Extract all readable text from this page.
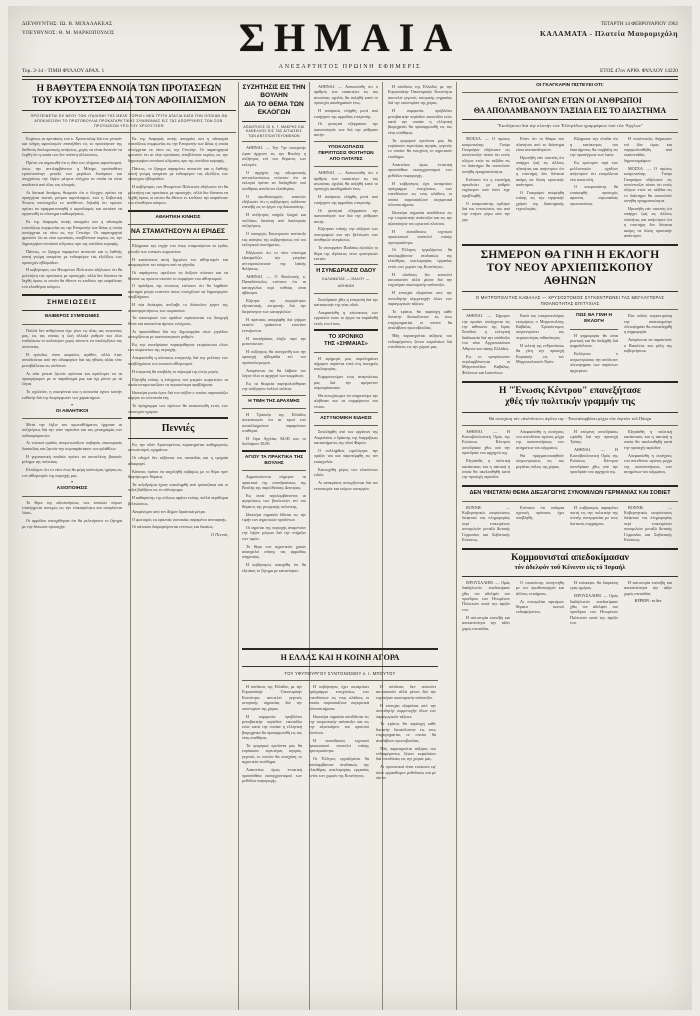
ΔΙΕΥΘΥΝΤΗΣ: ΙΩ. Β. ΜΙΧΑΛΑΚΕΑΣ
ΥΠΕΥΘΥΝΟΣ: Θ. Μ. ΜΑΡΚΟΠΟΥΛΟΣ	ΣΗΜΑΙΑ	ΤΕΤΑΡΤΗ 14 ΦΕΒΡΟΥΑΡΙΟΥ 1962
ΚΑΛΑΜΑΤΑ - Πλατεία Μαυρομιχάλη
ΑΝΕΞΑΡΤΗΤΟΣ ΠΡΩΙΝΗ ΕΦΗΜΕΡΙΣ
Τομ. 2-14 - ΤΙΜΗ ΦΥΛΛΟΥ ΔΡΑΧ. 1	ΕΤΟΣ 47ον ΑΡΙΘ. ΦΥΛΛΟΥ 14220
Η ΒΑΘΥΤΕΡΑ ΕΝΝΟΙΑ ΤΩΝ ΠΡΟΤΑΣΕΩΝ
ΤΟΥ ΚΡΟΥΣΤΣΕΦ ΔΙΑ ΤΟΝ ΑΦΟΠΛΙΣΜΟΝ
ΠΡΟΤΕΙΝΕΤΑΙ ΕΚ ΝΕΟΥ ΤΩΝ «ΓΑΛΗΝΗ ΤΗΣ ΜΕΛΕ ΤΟΡΗΣ» ΝΕΑ ΤΡΙΤΗ ΑΤΑΞΙΑ ΚΑΤΑ ΤΗΝ ΟΠΟΙΑΝ ΘΑ ΑΠΟΚΛΕΙΣΘΗ ΤΟ ΠΡΩΤΟΒΟΥΛΙΑ ΠΡΟΚΑΤΑΡΚΤΙΚΗΣ ΣΥΜΦΩΝΙΑΣ ΕΙΣ ΤΑΣ ΑΠΟΡΡΙΨΕΙΣ ΤΩΝ ΣΟΒ. ΠΡΟΤΑΣΕΩΝ ΥΠΟ ΤΟΥ ΧΡΟΥΣΤΣΕΦ

Εσχάτως αι προτάσεις του κ. Χρουστσώφ διά τον γενικόν και πλήρη αφοπλισμόν επανήλθον εις το προσκήνιον της διεθνούς διπλωματικής κινήσεως, χωρίς να είναι δυνατόν να λεχθή ότι η ουσία των δεν υπέστη αλλοιώσεις.

Πρέπει να σημειωθή ότι η ιδέα του πλήρους αφοπλισμού, όπως την αντιλαμβάνεται η Μόσχα, προϋποθέτει εμπιστοσύνην μεταξύ των μεγάλων δυνάμεων και συγχρόνως την λήψιν μέτρων ελέγχου τα οποία να είναι αποδεκτά από όλας τας πλευράς.

Αι δυτικαί δυνάμεις θεωρούν ότι ο έλεγχος πρέπει να προηγήται παντός μέτρου αφοπλισμού, ενώ η Σοβιετική Ένωσις υποστηρίζει το αντίθετον, δηλαδή ότι πρώτον πρέπει να πραγματοποιηθή ο αφοπλισμός και κατόπιν να οργανωθή το σύστημα επιθεωρήσεως.

Εκ της διαφοράς αυτής απορρέει και η αδυναμία επιτεύξεως συμφωνίας εις την Επιτροπήν των Δέκα, η οποία συνέρχεται εκ νέου εις την Γενεύην. Οι παρατηρηταί φρονούν ότι αι νέαι προτάσεις αποβλέπουν κυρίως εις την δημιουργίαν ευνοϊκού κλίματος προ της συνόδου κορυφής.

Πάντως, το ζήτημα παραμένει ανοικτόν και η διεθνής κοινή γνώμη αναμένει με ενδιαφέρον τας εξελίξεις των προσεχών εβδομάδων.

Η κυβέρνησις των Ηνωμένων Πολιτειών εδήλωσεν ότι θα μελετήση τας προτάσεις με προσοχήν, αλλά δεν δύναται να δεχθή όρους οι οποίοι θα έθετον εν κινδύνω την ασφάλειαν του ελευθέρου κόσμου.

ΣΗΜΕΙΩΣΕΙΣ
ΘΛΙΒΕΡΟΣ ΣΥΜΦΩΝΙΕΣ

Πολλά δεν ανθρώπινα είχε γίνει εις όλας τας κοινωνίας μας, εις τας οποίας η ζωή άλλαξε ρυθμόν και όλοι επιδιώκουν το καλύτερον χωρίς πάντοτε να υπολογίζουν τας συνεπείας.

Η πρόοδος είναι ασφαλώς αγαθόν, αλλά όταν συνοδεύεται από την αδιαφορίαν διά τας ηθικάς αξίας τότε μεταβάλλεται εις κίνδυνον.

Αι νέαι γενεαί ζητούν πρότυπα και οφείλομεν να τα προσφέρωμεν με το παράδειγμά μας και όχι μόνον με τα λόγια.

Το σχολείον, η οικογένεια και η κοινωνία έχουν κοινήν ευθύνην διά την διαμόρφωσιν των χαρακτήρων.

•
ΟΙ ΑΘΛΗΤΙΚΟΙ

Μετά την λήξιν του πρωταθλήματος ήρχισαν αι συζητήσεις διά την νέαν περίοδον και τας μεταγραφάς των ποδοσφαιριστών.

Αι τοπικαί ομάδες αντιμετωπίζουν σοβαράς οικονομικάς δυσκολίας και ζητούν την συμπαράστασιν των φιλάθλων.

Η γυμναστική παιδεία πρέπει να αποτελέση βασικόν μέλημα της πολιτείας.

Ελπίζομεν ότι το νέον έτος θα φέρη καλυτέρας ημέρας εις τον αθλητισμόν της περιοχής μας.

•
ΑΞΙΟΠΟΙΗΣΙΣ

Το θέμα της αξιοποιήσεως των τοπικών πόρων επανέρχεται συνεχώς εις την επικαιρότητα και αναμένεται λύσις.

Οι αρμόδιοι υπεσχέθησαν ότι θα μελετήσουν το ζήτημα με την δέουσαν προσοχήν.

Εκ της διαφοράς αυτής απορρέει και η αδυναμία επιτεύξεως συμφωνίας εις την Επιτροπήν των Δέκα, η οποία συνέρχεται εκ νέου εις την Γενεύην. Οι παρατηρηταί φρονούν ότι αι νέαι προτάσεις αποβλέπουν κυρίως εις την δημιουργίαν ευνοϊκού κλίματος προ της συνόδου κορυφής.

Πάντως, το ζήτημα παραμένει ανοικτόν και η διεθνής κοινή γνώμη αναμένει με ενδιαφέρον τας εξελίξεις των προσεχών εβδομάδων.

Η κυβέρνησις των Ηνωμένων Πολιτειών εδήλωσεν ότι θα μελετήση τας προτάσεις με προσοχήν, αλλά δεν δύναται να δεχθή όρους οι οποίοι θα έθετον εν κινδύνω την ασφάλειαν του ελευθέρου κόσμου.

ΑΘΛΗΤΙΚΗ ΚΙΝΗΣΙΣ
ΝΑ ΣΤΑΜΑΤΗΣΟΥΝ ΑΙ ΕΡΙΔΕΣ

Εξέφρασε την ευχήν του όπως σταματήσουν αι έριδες μεταξύ των τοπικών σωματείων.

Η κατάστασις αυτή ζημιώνει τον αθλητισμόν και απομακρύνει τον κόσμον από τα γήπεδα.

Οι παράγοντες οφείλουν να δείξουν σύνεσιν και να θέσουν ως πρώτον σκοπόν το συμφέρον του αθλητισμού.

Ο πρόεδρος της ενώσεως ετόνισεν ότι θα ληφθούν αυστηρά μέτρα εναντίον όσων συνεχίζουν να δημιουργούν προβλήματα.

Η νέα διοίκησις ανέλαβε το δύσκολον έργον της ανασυγκροτήσεως των σωματείων.

Τα οικονομικά των ομάδων ευρίσκονται εις δυσχερή θέσιν και απαιτείται άμεσος ενίσχυσις.

Αι προσπάθειαι διά την δημιουργίαν νέων γηπέδων συνεχίζονται με ικανοποιητικόν ρυθμόν.

Εις την συνεδρίασιν παρευρέθησαν εκπρόσωποι όλων των σωματείων της περιοχής.

Απεφασίσθη η σύστασις επιτροπής διά την μελέτην των προβλημάτων του τοπικού αθλητισμού.

Η επιτροπή θα υποβάλη το πόρισμά της εντός μηνός.

Εζητήθη επίσης η ενίσχυσις των μικρών σωματείων τα οποία αντιμετωπίζουν τα περισσότερα προβλήματα.

Ιδιαιτέρα μνεία έγινε διά τον στίβον ο οποίος παρουσιάζει κάμψιν τα τελευταία έτη.

Το πρόγραμμα των αγώνων θα ανακοινωθή εντός των προσεχών ημερών.

Πεννιές

Εις την οδόν Αριστομένους παρατηρείται καθημερινώς συνωστισμός οχημάτων.

Οι οδηγοί δεν σέβονται τας πινακίδας και η τροχαία αδιαφορεί.

Κάποιος πρέπει να ασχοληθή σοβαρώς με το θέμα πριν θρηνήσωμεν θύματα.

Τα πεζοδρόμια έχουν καταληφθή από τραπεζάκια και οι πεζοί βαδίζουν εις το οδόστρωμα.

Η καθαριότης της πόλεως αφήνει επίσης πολλά περιθώρια βελτιώσεως.

Αναμένομεν από τον Δήμον δραστικά μέτρα.

Ο φωτισμός εις αρκετάς συνοικίας παραμένει ανεπαρκής.

Οι κάτοικοι διαμαρτύρονται εντόνως και δικαίως.

Ο Πεννιές
ΣΥΖΗΤΗΣΙΣ ΕΙΣ ΤΗΝ ΒΟΥΛΗΝ
ΔΙΑ ΤΟ ΘΕΜΑ ΤΩΝ ΕΚΛΟΓΩΝ
ΑΠΑΝΤΗΣΙΣ ΟΙ Κ. Γ. ΜΑΚΡΗΣ ΚΑΙ ΚΑΝΕΛΛΟΣ ΕΙΣ ΤΑΣ ΑΙΤΙΑΣΕΙΣ ΤΩΝ ΑΝΤΙΠΟΛΙΤΕΥΟΜΕΝΩΝ

ΑΘΗΝΑΙ. — Την 7ην εσπερινήν ώραν ήρχισεν εις την Βουλήν η συζήτησις επί του θέματος των εκλογών.

Ο αρχηγός της αξιωματικής αντιπολιτεύσεως ετόνισεν ότι αι εκλογαί πρέπει να διεξαχθούν υπό συνθήκας απολύτου ελευθερίας.

Ο πρωθυπουργός απαντών εδήλωσεν ότι η κυβέρνησις ουδέποτε επενέβη εις το έργον της δικαιοσύνης.

Η συζήτησις υπήρξε ζωηρά και πολλάκις διεκόπη από διαλογικάς συζητήσεις.

Ο υπουργός Εσωτερικών ανέπτυξε τας απόψεις της κυβερνήσεως επί του εκλογικού συστήματος.

Εδήλωσεν ότι το νέον σύστημα εξασφαλίζει την γνησίαν αντιπροσώπευσιν της λαϊκής θελήσεως.

ΑΘΗΝΑΙ. — Ο Βουλευτής κ. Παπαδόπουλος ετόνισεν ότι αι καταγγελίαι περί νοθείας είναι αβάσιμοι.

Εζήτησε την συγκρότησιν εξεταστικής επιτροπής διά την διερεύνησιν των καταγγελιών.

Η πρότασις απερρίφθη διά ψήφων εκατόν τριάκοντα εναντίον ενενήκοντα.

Η συνεδρίασις έληξε περί την μεσονύκτιον.

Η συζήτησις θα συνεχισθή και την προσεχή εβδομάδα επί του προϋπολογισμού.

Αναμένεται ότι θα λάβουν τον λόγον όλοι οι αρχηγοί των κομμάτων.

Εις τα θεωρεία παρηκολούθησαν την συζήτησιν πολλοί πολίται.

Η ΤΙΜΗ ΤΗΣ ΔΡΑΧΜΗΣ

Η Τράπεζα της Ελλάδος ανεκοίνωσεν ότι αι τιμαί των συναλλαγμάτων παραμένουν σταθεραί.

Η λίρα Αγγλίας 84,00 και το δολλάριον 30,00.

ΑΓΙΟΥ ΤΑ ΠΡΑΚΤΙΚΑ ΤΗΣ ΒΟΥΛΗΣ

Δημοσιεύονται σήμερον τα πρακτικά της συνεδριάσεως της Βουλής της παρελθούσης Δευτέρας.

Εις αυτά περιλαμβάνονται αι αγορεύσεις των βουλευτών επί του θέματος της γεωργικής πολιτικής.

Ιδιαιτέρα σημασία δίδεται εις την τιμήν των αγροτικών προϊόντων.

Οι αγρόται της περιοχής αναμένουν την λήψιν μέτρων διά την στήριξιν των τιμών.

Το θέμα των αγροτικών χρεών απασχολεί επίσης τας αρμοδίας υπηρεσίας.

Η κυβέρνησις υπεσχέθη ότι θα εξετάση το ζήτημα με κατανόησιν.

ΑΘΗΝΑΙ. — Ανεκοινώθη ότι ο αριθμός των εισακτέων εις τας ανωτάτας σχολάς θα αυξηθή κατά το προσεχές ακαδημαϊκόν έτος.

Η απόφασις ελήφθη μετά από εισήγησιν της αρμοδίας επιτροπής.

Οι φοιτηταί εξέφρασαν την ικανοποίησίν των διά την ρύθμισιν αυτήν.

ΥΠΟΚΛΟΠΑΙΣΙΣ
ΠΕΡΙΠΤΩΣΙΣ ΦΟΙΤΗΤΩΝ ΑΠΟ ΠΑΤΑΤΕΣ

ΑΘΗΝΑΙ. — Ανεκοινώθη ότι ο αριθμός των εισακτέων εις τας ανωτάτας σχολάς θα αυξηθή κατά το προσεχές ακαδημαϊκόν έτος.

Η απόφασις ελήφθη μετά από εισήγησιν της αρμοδίας επιτροπής.

Οι φοιτηταί εξέφρασαν την ικανοποίησίν των διά την ρύθμισιν αυτήν.

Εζήτησαν επίσης την αύξησιν των υποτροφιών και την βελτίωσιν των συνθηκών στεγάσεως.

Το υπουργείον Παιδείας εξετάζει το θέμα της ιδρύσεως νέων φοιτητικών εστιών.

Η ΣΥΝΕΔΡΙΑΣΙΣ ΟΔΟΥ
ΚΑΛΑΜΑΤΑΣ — ΘΑΛΟΥ — ΑΘΗΝΩΝ

Συνεδρίασε χθες η επιτροπή διά την κατασκευήν της νέας οδού.

Απεφασίσθη η επίσπευσις των εργασιών ώστε το έργον να παραδοθή εντός του έτους.

ΤΟ ΧΡΟΝΙΚΟ
ΤΗΣ «ΣΗΜΑΙΑΣ»

Η εφημερίς μας συμπληρώνει σήμερον σαράντα επτά έτη συνεχούς κυκλοφορίας.

Ευχαριστούμεν τους αναγνώστας μας διά την αμέριστον συμπαράστασιν.

Θα συνεχίσωμεν να υπηρετούμε την αλήθειαν και τα συμφέροντα του τόπου.

ΑΣΤΥΝΟΜΙΚΗ ΕΙΔΗΣΙΣ

Συνελήφθη υπό των οργάνων της Ασφαλείας ο δράστης της διαρρήξεως καταστήματος της οδού Φαρών.

Ο συλληφθείς ωμολόγησε την πράξιν του και παρεπέμφθη εις τον εισαγγελέα.

Κατεσχέθη μέρος των κλαπέντων ειδών.

Αι ανακρίσεις συνεχίζονται διά τον εντοπισμόν και ετέρων συνεργών.

Η σύνδεσις της Ελλάδος με την Ευρωπαϊκήν Οικονομικήν Κοινότητα αποτελεί γεγονός ιστορικής σημασίας διά την οικονομίαν της χώρας.

Η συμφωνία προβλέπει μεταβατικήν περίοδον εικοσιδύο ετών κατά την οποίαν η ελληνική βιομηχανία θα προσαρμοσθή εις τας νέας συνθήκας.

Τα γεωργικά προϊόντα μας θα ευρίσκουν ευρυτέρας αγοράς, γεγονός το οποίον θα ενισχύση το αγροτικόν εισόδημα.

Απαιτείται όμως εντατική προσπάθεια εκσυγχρονισμού των μεθόδων παραγωγής.

Η κυβέρνησις έχει καταρτίσει πρόγραμμα ενισχύσεως των επενδύσεων εις τους κλάδους οι οποίοι παρουσιάζουν συγκριτικά πλεονεκτήματα.

Ιδιαιτέρα σημασία αποδίδεται εις την τουριστικήν ανάπτυξιν και εις την αξιοποίησιν του ορυκτού πλούτου.

Η εκπαίδευσις τεχνικού προσωπικού αποτελεί επίσης προτεραιότητα.

Οι Έλληνες εργαζόμενοι θα απολαμβάνουν σταδιακώς της ελευθέρας κυκλοφορίας εργασίας εντός των χωρών της Κοινότητος.

Η σύνδεσις δεν αποτελεί αυτοσκοπόν αλλά μέσον διά την ταχυτέραν οικονομικήν ανάπτυξιν.

Η επιτυχία εξαρτάται από την συνειδητήν συμμετοχήν όλων των παραγωγικών τάξεων.

Το κράτος θα παράσχη κάθε δυνατήν διευκόλυνσιν εις τους επιχειρηματίας οι οποίοι θα αναλάβουν πρωτοβουλίας.

Ήδη παρατηρείται αύξησις του ενδιαφέροντος ξένων κεφαλαίων διά επενδύσεις εις την χώραν μας.

ΟΙ ΓΚΑΓΚΑΡΙΝ ΠΙΣΤΕΥΕΙ ΟΤΙ:
ΕΝΤΟΣ ΟΛΙΓΩΝ ΕΤΩΝ ΟΙ ΑΝΘΡΩΠΟΙ
ΘΑ ΑΠΟΛΑΜΒΑΝΟΥΝ ΤΑΞΙΔΙΑ ΕΙΣ ΤΟ ΔΙΑΣΤΗΜΑ
"Εκπλήκτου διά τήν κλοπήν τών Ἑλληνίδων γραμμάριον ὑπό τῶν Ἄγγλων"

ΜΟΣΧΑ. — Ο πρώτος κοσμοναύτης Γιούρι Γκαγκάριν εδήλωσεν εις συνέντευξιν τύπου ότι εντός ολίγων ετών τα ταξίδια εις το διάστημα θα αποτελούν συνήθη πραγματικότητα.

Ετόνισεν ότι η επιστήμη προοδεύει με ρυθμόν ταχύτερον από όσον είχε προβλεφθή.

Ο κοσμοναύτης ομίλησε διά τας εντυπώσεις του από την πτήσιν γύρω από την γην.

Είπεν ότι το θέαμα του πλανήτου από το διάστημα είναι ανεπανάληπτον.

Ηρωτήθη εάν πιστεύη ότι υπάρχει ζωή εις άλλους πλανήτας και απήντησεν ότι η επιστήμη δεν δύναται ακόμη να δώση οριστικήν απάντησιν.

Ο Γκαγκάριν ανεφέρθη επίσης εις την ειρηνικήν χρήσιν της διαστημικής τεχνολογίας.

Εξέφρασε την ελπίδα ότι η κατάκτησις του διαστήματος θα συμβάλη εις την προσέγγισιν των λαών.

Εις ερώτησιν περί των μελλοντικών σχεδίων απήντησεν ότι ετοιμάζεται νέα αποστολή.

Ο κοσμοναύτης θα επισκεφθή προσεχώς αρκετάς ευρωπαϊκάς πρωτευούσας.

Η συνέντευξις διήρκεσεν επί δύο ώρας και παρηκολουθήθη από εκατοντάδας δημοσιογράφων.

ΜΟΣΧΑ. — Ο πρώτος κοσμοναύτης Γιούρι Γκαγκάριν εδήλωσεν εις συνέντευξιν τύπου ότι εντός ολίγων ετών τα ταξίδια εις το διάστημα θα αποτελούν συνήθη πραγματικότητα.

Ηρωτήθη εάν πιστεύη ότι υπάρχει ζωή εις άλλους πλανήτας και απήντησεν ότι η επιστήμη δεν δύναται ακόμη να δώση οριστικήν απάντησιν.

ΣΗΜΕΡΟΝ ΘΑ ΓΙΝΗ Η ΕΚΛΟΓΗ
ΤΟΥ ΝΕΟΥ ΑΡΧΙΕΠΙΣΚΟΠΟΥ ΑΘΗΝΩΝ
Ο ΜΗΤΡΟΠΟΛΙΤΗΣ ΚΑΒΑΛΑΣ — ΧΡΥΣΟΣΤΟΜΟΣ ΣΥΓΚΕΝΤΡΩΝΕΙ ΤΑΣ ΜΕΓΑΛΥΤΕΡΑΣ ΠΙΘΑΝΟΤΗΤΑΣ ΕΠΙΤΥΧΙΑΣ

ΑΘΗΝΑΙ. — Σήμερον την πρωίαν συνέρχεται εις την αίθουσαν της Ιεράς Συνόδου η εκλογική διαδικασία διά την ανάδειξιν του νέου Αρχιεπισκόπου Αθηνών και πάσης Ελλάδος.

Εις το τριπρόσωπον περιλαμβάνονται οι Μητροπολίται Καβάλας, Φιλίππων και Ιωαννίνων.

Κατά τας επικρατεστέρας εκτιμήσεις ο Μητροπολίτης Καβάλας Χρυσόστομος συγκεντρώνει τας περισσοτέρας πιθανότητας.

Η τελετή της ενθρονίσεως θα γίνη την προσεχή Κυριακήν εις τον Μητροπολιτικόν Ναόν.

ΠΩΣ ΘΑ ΓΙΝΗ Η ΕΚΛΟΓΗ

Η ψηφοφορία θα είναι μυστική και θα διεξαχθή διά ψηφοδελτίων.

Εκλέγεται ο συγκεντρώσας την απόλυτον πλειοψηφίαν των παρόντων αρχιερέων.

Εάν ουδείς συγκεντρώση την απαιτουμένην πλειοψηφίαν θα επαναληφθή η ψηφοφορία.

Αναμένεται να παραστούν ο Βασιλεύς και μέλη της κυβερνήσεως.

Η "Ένωσις Κέντρου" επανεξήτασε
χθές τήν πολιτικήν γραμμήν της
Θά συνεχίση τόν «ἀνένδοτον» ἀγῶνα της - Ἐπαναλαμβάνει μέχρι τῶν ἐορτῶν τοῦ Πάσχα

ΑΘΗΝΑΙ. — Η Κοινοβουλευτική Ομάς της Ενώσεως Κέντρου συνεδρίασε χθες υπό την προεδρίαν του αρχηγού της.

Εξητάσθη η πολιτική κατάστασις και η τακτική η οποία θα ακολουθηθή κατά την προσεχή περίοδον.

Απεφασίσθη η συνέχισις του ανενδότου αγώνος μέχρι της ικανοποιήσεως των αιτημάτων του κόμματος.

Θα πραγματοποιηθούν συγκεντρώσεις εις τας μεγάλας πόλεις της χώρας.

Η επόμενη συνεδρίασις ωρίσθη διά την προσεχή Τρίτην.

ΑΘΗΝΑΙ. — Η Κοινοβουλευτική Ομάς της Ενώσεως Κέντρου συνεδρίασε χθες υπό την προεδρίαν του αρχηγού της.

Εξητάσθη η πολιτική κατάστασις και η τακτική η οποία θα ακολουθηθή κατά την προσεχή περίοδον.

Απεφασίσθη η συνέχισις του ανενδότου αγώνος μέχρι της ικανοποιήσεως των αιτημάτων του κόμματος.

ΔΕΝ ΥΦΙΣΤΑΤΑΙ ΘΕΜΑ ΔΙΕΞΑΓΩΓΗΣ ΣΥΝΟΜΙΛΙΩΝ ΓΕΡΜΑΝΙΑΣ ΚΑΙ ΣΟΒΙΕΤ

ΒΟΝΝΗ. — Κυβερνητικός εκπρόσωπος διέψευσε τας πληροφορίας περί επικειμένων συνομιλιών μεταξύ Δυτικής Γερμανίας και Σοβιετικής Ενώσεως.

Ετόνισεν ότι ουδεμία σχετική πρότασις έχει υποβληθή.

Η κυβέρνησις παραμένει πιστή εις την πολιτικήν της στενής συνεργασίας με τους δυτικούς συμμάχους.

ΒΟΝΝΗ. — Κυβερνητικός εκπρόσωπος διέψευσε τας πληροφορίας περί επικειμένων συνομιλιών μεταξύ Δυτικής Γερμανίας και Σοβιετικής Ενώσεως.

Κομμουνισταί απεδοκίμασαν
τόν ἀδελφόν τοῦ Κένεντυ εἰς τό Ἰσραήλ

ΙΕΡΟΥΣΑΛΗΜ. — Ομάς διαδηλωτών απεδοκίμασε χθες τον αδελφόν του προέδρου των Ηνωμένων Πολιτειών κατά την άφιξίν του.

Η αστυνομία επενέβη και απεκατέστησε την τάξιν χωρίς επεισόδια.

Ο επισκέπτης συνηντήθη με τον πρωθυπουργόν και άλλους επισήμους.

Αι συνομιλίαι αφεώρων θέματα κοινού ενδιαφέροντος.

Η επίσκεψις θα διαρκέση τρεις ημέρας.

ΙΕΡΟΥΣΑΛΗΜ. — Ομάς διαδηλωτών απεδοκίμασε χθες τον αδελφόν του προέδρου των Ηνωμένων Πολιτειών κατά την άφιξίν του.

Η αστυνομία επενέβη και απεκατέστησε την τάξιν χωρίς επεισόδια.

ΚΥΡΙΟΝ : το δεν
Η ΕΛΛΑΣ ΚΑΙ Η ΚΟΙΝΗ ΑΓΟΡΑ
ΤΟΥ ΥΦΥΠΟΥΡΓΟΥ ΣΥΝΤΟΝΙΣΜΟΥ κ. Ι. ΜΠΟΥΤΟΥ

Η σύνδεσις της Ελλάδος με την Ευρωπαϊκήν Οικονομικήν Κοινότητα αποτελεί γεγονός ιστορικής σημασίας διά την οικονομίαν της χώρας.

Η συμφωνία προβλέπει μεταβατικήν περίοδον εικοσιδύο ετών κατά την οποίαν η ελληνική βιομηχανία θα προσαρμοσθή εις τας νέας συνθήκας.

Τα γεωργικά προϊόντα μας θα ευρίσκουν ευρυτέρας αγοράς, γεγονός το οποίον θα ενισχύση το αγροτικόν εισόδημα.

Απαιτείται όμως εντατική προσπάθεια εκσυγχρονισμού των μεθόδων παραγωγής.

Η κυβέρνησις έχει καταρτίσει πρόγραμμα ενισχύσεως των επενδύσεων εις τους κλάδους οι οποίοι παρουσιάζουν συγκριτικά πλεονεκτήματα.

Ιδιαιτέρα σημασία αποδίδεται εις την τουριστικήν ανάπτυξιν και εις την αξιοποίησιν του ορυκτού πλούτου.

Η εκπαίδευσις τεχνικού προσωπικού αποτελεί επίσης προτεραιότητα.

Οι Έλληνες εργαζόμενοι θα απολαμβάνουν σταδιακώς της ελευθέρας κυκλοφορίας εργασίας εντός των χωρών της Κοινότητος.

Η σύνδεσις δεν αποτελεί αυτοσκοπόν αλλά μέσον διά την ταχυτέραν οικονομικήν ανάπτυξιν.

Η επιτυχία εξαρτάται από την συνειδητήν συμμετοχήν όλων των παραγωγικών τάξεων.

Το κράτος θα παράσχη κάθε δυνατήν διευκόλυνσιν εις τους επιχειρηματίας οι οποίοι θα αναλάβουν πρωτοβουλίας.

Ήδη παρατηρείται αύξησις του ενδιαφέροντος ξένων κεφαλαίων διά επενδύσεις εις την χώραν μας.

Αι προοπτικαί είναι ευοίωνοι εφ' όσον εργασθώμεν μεθοδικώς και με πίστιν.
